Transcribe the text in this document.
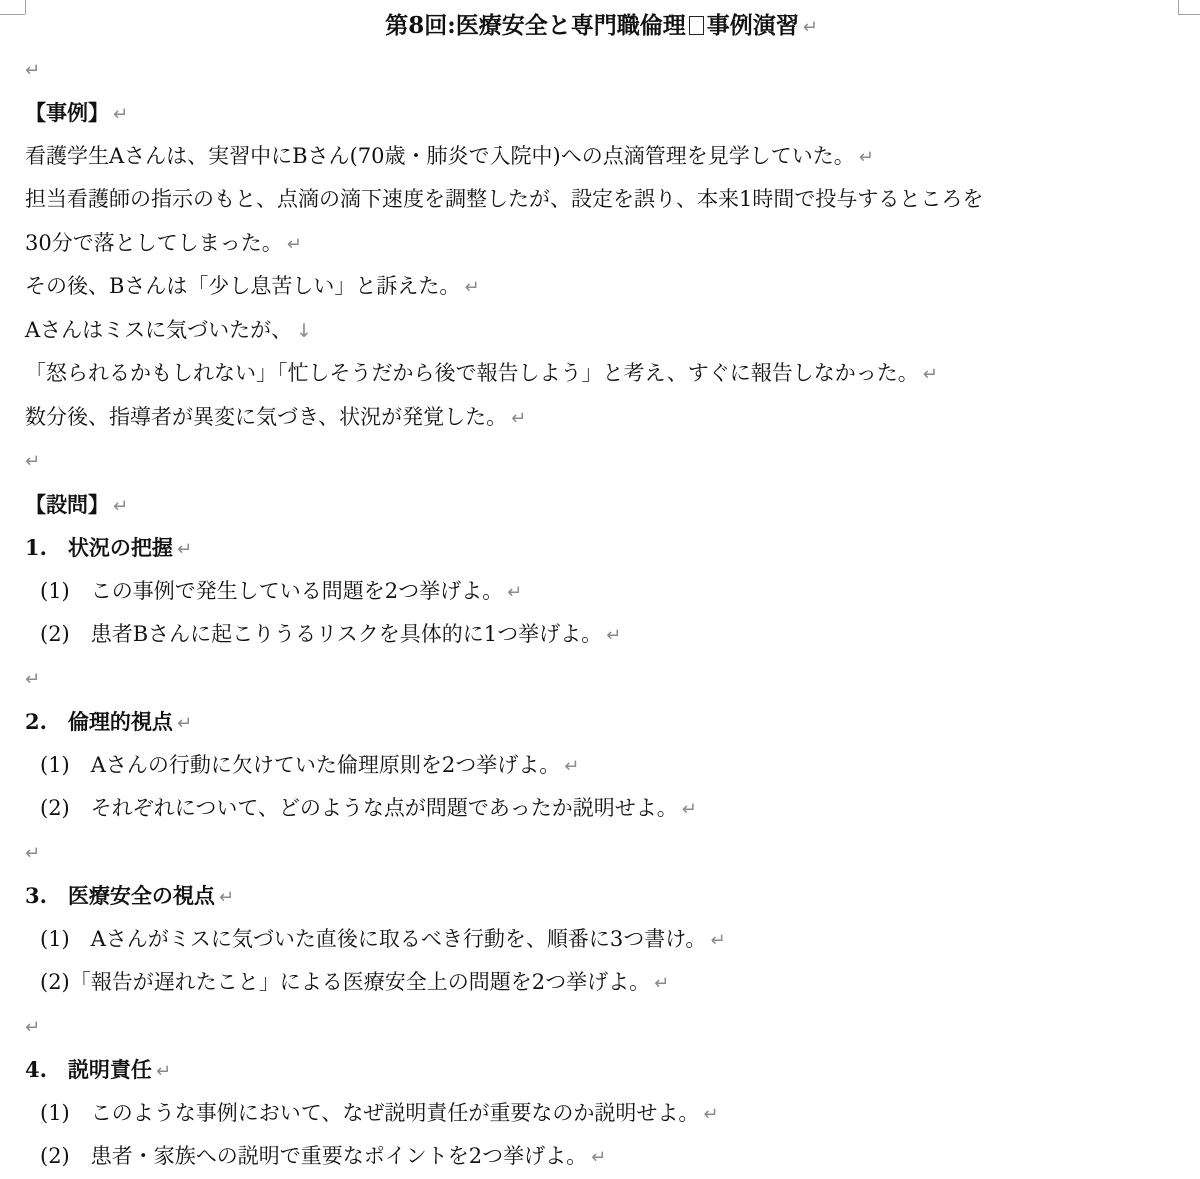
第8回:医療安全と専門職倫理 事例演習 ↵
↵
【事例】 ↵
看護学生Aさんは、実習中にBさん(70歳・肺炎で入院中)への点滴管理を見学していた。 ↵
担当看護師の指示のもと、点滴の滴下速度を調整したが、設定を誤り、本来1時間で投与するところを
30分で落としてしまった。 ↵
その後、Bさんは「少し息苦しい」と訴えた。 ↵
Aさんはミスに気づいたが、 ↓
「怒られるかもしれない」「忙しそうだから後で報告しよう」と考え、すぐに報告しなかった。 ↵
数分後、指導者が異変に気づき、状況が発覚した。 ↵
↵
【設問】 ↵
1.　状況の把握 ↵
(1)　この事例で発生している問題を2つ挙げよ。 ↵
(2)　患者Bさんに起こりうるリスクを具体的に1つ挙げよ。 ↵
↵
2.　倫理的視点 ↵
(1)　Aさんの行動に欠けていた倫理原則を2つ挙げよ。 ↵
(2)　それぞれについて、どのような点が問題であったか説明せよ。 ↵
↵
3.　医療安全の視点 ↵
(1)　Aさんがミスに気づいた直後に取るべき行動を、順番に3つ書け。 ↵
(2)「報告が遅れたこと」による医療安全上の問題を2つ挙げよ。 ↵
↵
4.　説明責任 ↵
(1)　このような事例において、なぜ説明責任が重要なのか説明せよ。 ↵
(2)　患者・家族への説明で重要なポイントを2つ挙げよ。 ↵
